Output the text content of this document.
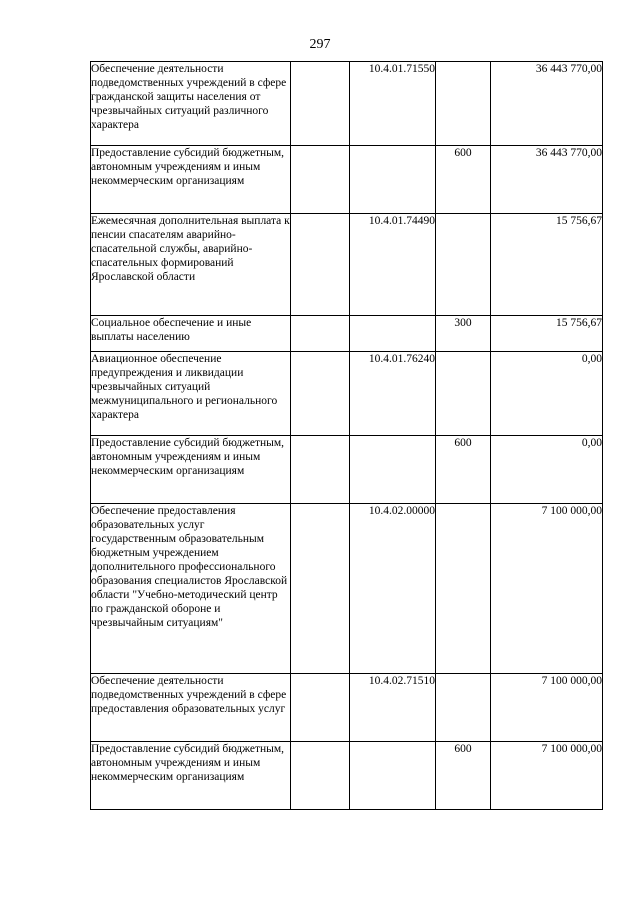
297
Обеспечение деятельности подведомственных учреждений в сфере гражданской защиты населения от чрезвычайных ситуаций различного характера		10.4.01.71550		36 443 770,00
Предоставление субсидий бюджетным, автономным учреждениям и иным некоммерческим организациям			600	36 443 770,00
Ежемесячная дополнительная выплата к пенсии спасателям аварийно-спасательной службы, аварийно-спасательных формирований Ярославской области		10.4.01.74490		15 756,67
Социальное обеспечение и иные выплаты населению			300	15 756,67
Авиационное обеспечение предупреждения и ликвидации чрезвычайных ситуаций межмуниципального и регионального характера		10.4.01.76240		0,00
Предоставление субсидий бюджетным, автономным учреждениям и иным некоммерческим организациям			600	0,00
Обеспечение предоставления образовательных услуг государственным образовательным бюджетным учреждением дополнительного профессионального образования специалистов Ярославской области "Учебно-методический центр по гражданской обороне и чрезвычайным ситуациям"		10.4.02.00000		7 100 000,00
Обеспечение деятельности подведомственных учреждений в сфере предоставления образовательных услуг		10.4.02.71510		7 100 000,00
Предоставление субсидий бюджетным, автономным учреждениям и иным некоммерческим организациям			600	7 100 000,00
